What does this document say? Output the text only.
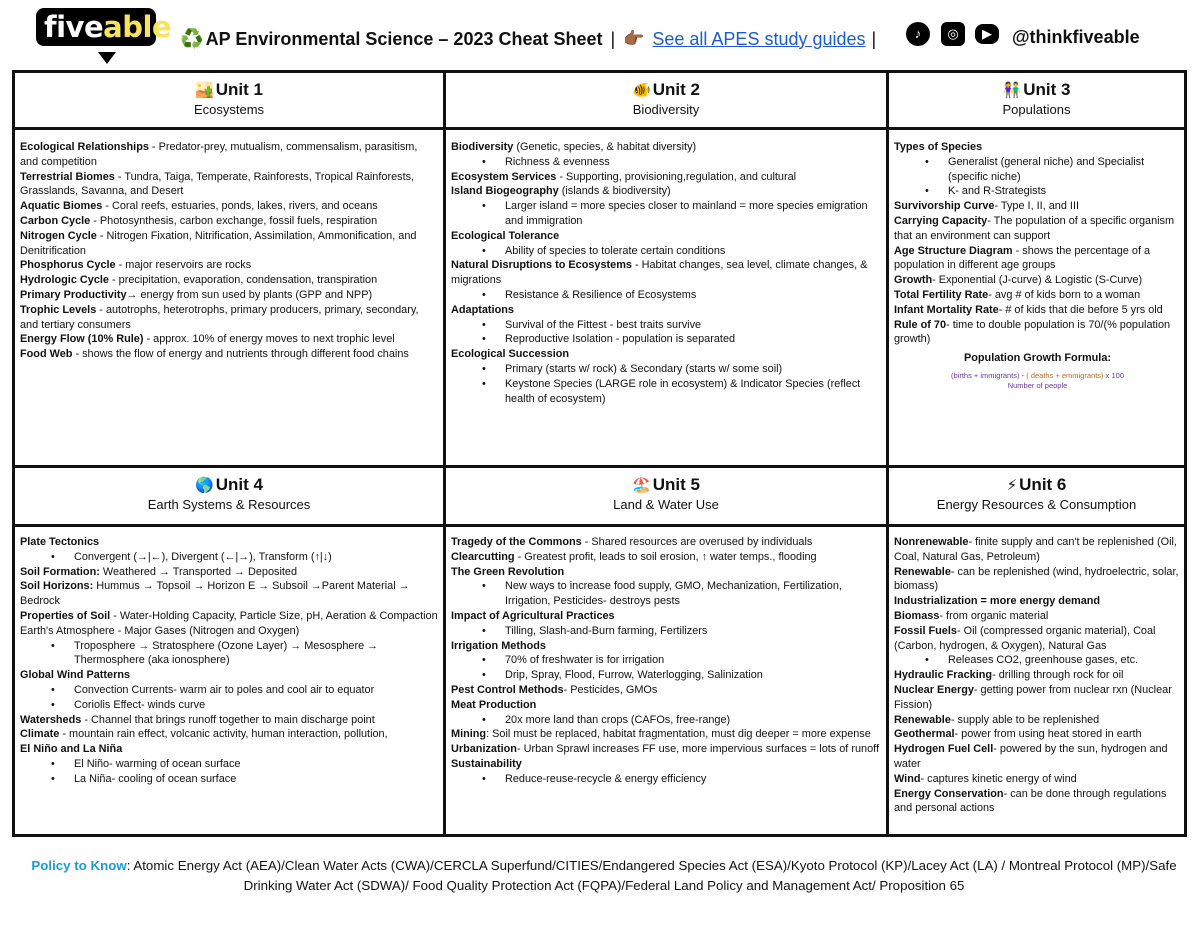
fiveable ♻️ AP Environmental Science – 2023 Cheat Sheet | 👉🏾 See all APES study guides |	♪	◎	▶	@thinkfiveable
🏜️ Unit 1
Ecosystems
🐠 Unit 2
Biodiversity
👫 Unit 3
Populations
🌎 Unit 4
Earth Systems & Resources
🏖️ Unit 5
Land & Water Use
⚡ Unit 6
Energy Resources & Consumption

Ecological Relationships - Predator-prey, mutualism, commensalism, parasitism, and competition

Terrestrial Biomes - Tundra, Taiga, Temperate, Rainforests, Tropical Rainforests, Grasslands, Savanna, and Desert

Aquatic Biomes - Coral reefs, estuaries, ponds, lakes, rivers, and oceans

Carbon Cycle - Photosynthesis, carbon exchange, fossil fuels, respiration

Nitrogen Cycle - Nitrogen Fixation, Nitrification, Assimilation, Ammonification, and Denitrification

Phosphorus Cycle - major reservoirs are rocks

Hydrologic Cycle - precipitation, evaporation, condensation, transpiration

Primary Productivity→ energy from sun used by plants (GPP and NPP)

Trophic Levels - autotrophs, heterotrophs, primary producers, primary, secondary, and tertiary consumers

Energy Flow (10% Rule) - approx. 10% of energy moves to next trophic level

Food Web - shows the flow of energy and nutrients through different food chains

Biodiversity (Genetic, species, & habitat diversity)

• Richness & evenness

Ecosystem Services - Supporting, provisioning,regulation, and cultural

Island Biogeography (islands & biodiversity)

• Larger island = more species closer to mainland = more species emigration and immigration

Ecological Tolerance

• Ability of species to tolerate certain conditions

Natural Disruptions to Ecosystems - Habitat changes, sea level, climate changes, & migrations

• Resistance & Resilience of Ecosystems

Adaptations

• Survival of the Fittest - best traits survive
• Reproductive Isolation - population is separated

Ecological Succession

• Primary (starts w/ rock) & Secondary (starts w/ some soil)
• Keystone Species (LARGE role in ecosystem) & Indicator Species (reflect health of ecosystem)

Types of Species

• Generalist (general niche) and Specialist (specific niche)
• K- and R-Strategists

Survivorship Curve- Type I, II, and III

Carrying Capacity- The population of a specific organism that an environment can support

Age Structure Diagram - shows the percentage of a population in different age groups

Growth- Exponential (J-curve) & Logistic (S-Curve)

Total Fertility Rate- avg # of kids born to a woman

Infant Mortality Rate- # of kids that die before 5 yrs old

Rule of 70- time to double population is 70/(% population growth)

Population Growth Formula:
(births + immigrants) - ( deaths + emmigrants) x 100
Number of people

Plate Tectonics

• Convergent (→|←), Divergent (←|→), Transform (↑|↓)

Soil Formation: Weathered → Transported → Deposited

Soil Horizons: Hummus → Topsoil → Horizon E → Subsoil →Parent Material → Bedrock

Properties of Soil - Water-Holding Capacity, Particle Size, pH, Aeration & Compaction Earth's Atmosphere - Major Gases (Nitrogen and Oxygen)

• Troposphere → Stratosphere (Ozone Layer) → Mesosphere → Thermosphere (aka ionosphere)

Global Wind Patterns

• Convection Currents- warm air to poles and cool air to equator
• Coriolis Effect- winds curve

Watersheds - Channel that brings runoff together to main discharge point

Climate - mountain rain effect, volcanic activity, human interaction, pollution,

El Niño and La Niña

• El Niño- warming of ocean surface
• La Niña- cooling of ocean surface

Tragedy of the Commons - Shared resources are overused by individuals

Clearcutting - Greatest profit, leads to soil erosion, ↑ water temps., flooding

The Green Revolution

• New ways to increase food supply, GMO, Mechanization, Fertilization, Irrigation, Pesticides- destroys pests

Impact of Agricultural Practices

• Tilling, Slash-and-Burn farming, Fertilizers

Irrigation Methods

• 70% of freshwater is for irrigation
• Drip, Spray, Flood, Furrow, Waterlogging, Salinization

Pest Control Methods- Pesticides, GMOs

Meat Production

• 20x more land than crops (CAFOs, free-range)

Mining: Soil must be replaced, habitat fragmentation, must dig deeper = more expense

Urbanization- Urban Sprawl increases FF use, more impervious surfaces = lots of runoff

Sustainability

• Reduce-reuse-recycle & energy efficiency

Nonrenewable- finite supply and can't be replenished (Oil, Coal, Natural Gas, Petroleum)

Renewable- can be replenished (wind, hydroelectric, solar, biomass)

Industrialization = more energy demand

Biomass- from organic material

Fossil Fuels- Oil (compressed organic material), Coal (Carbon, hydrogen, & Oxygen), Natural Gas

• Releases CO2, greenhouse gases, etc.

Hydraulic Fracking- drilling through rock for oil

Nuclear Energy- getting power from nuclear rxn (Nuclear Fission)

Renewable- supply able to be replenished

Geothermal- power from using heat stored in earth

Hydrogen Fuel Cell- powered by the sun, hydrogen and water

Wind- captures kinetic energy of wind

Energy Conservation- can be done through regulations and personal actions

Policy to Know: Atomic Energy Act (AEA)/Clean Water Acts (CWA)/CERCLA Superfund/CITIES/Endangered Species Act (ESA)/Kyoto Protocol (KP)/Lacey Act (LA) / Montreal Protocol (MP)/Safe Drinking Water Act (SDWA)/ Food Quality Protection Act (FQPA)/Federal Land Policy and Management Act/ Proposition 65
